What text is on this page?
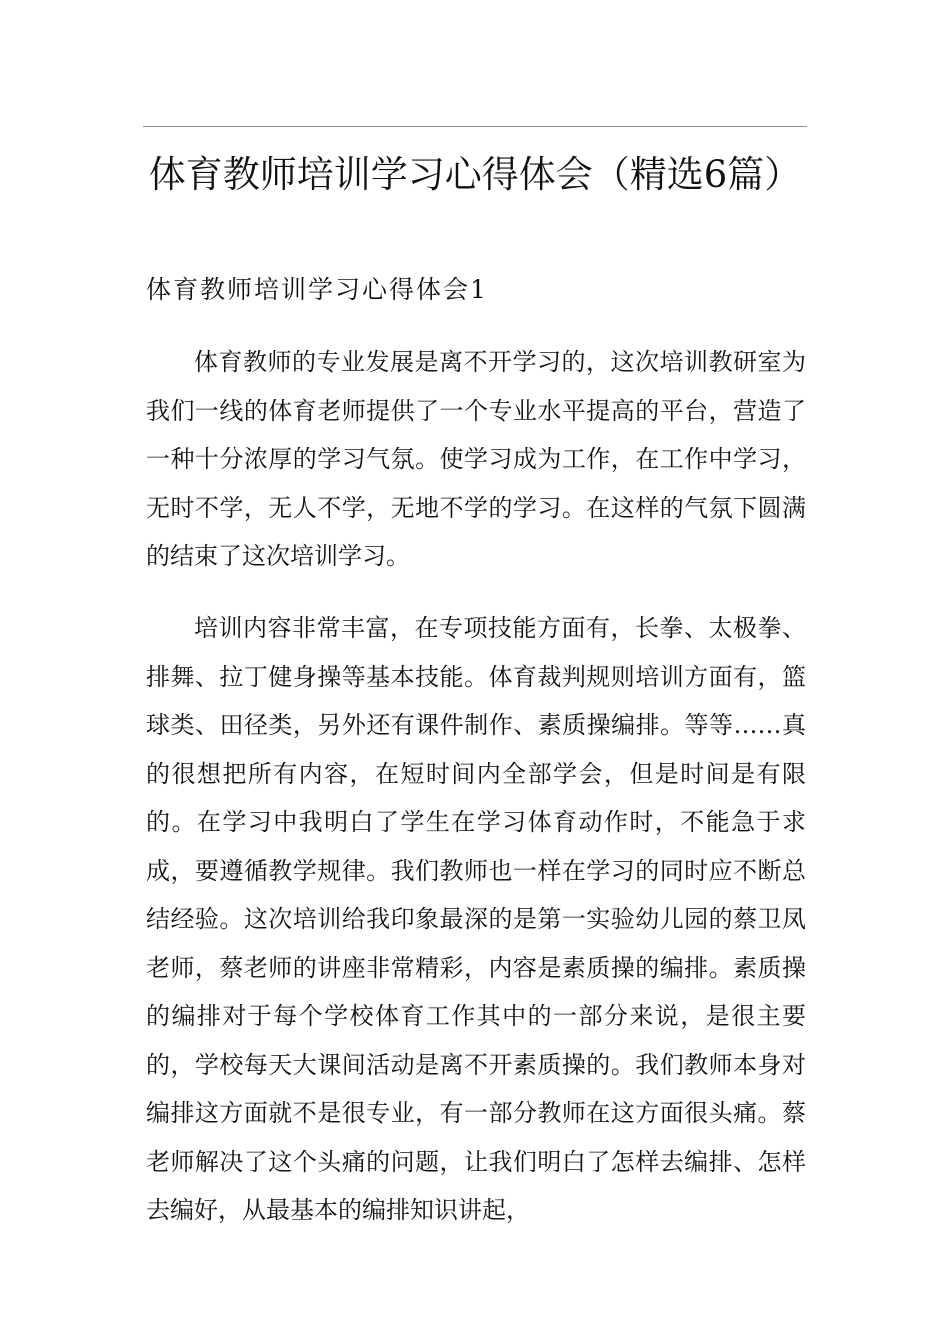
体育教师培训学习心得体会（精选6篇）
体育教师培训学习心得体会1

体育教师的专业发展是离不开学习的，这次培训教研室为我们一线的体育老师提供了一个专业水平提高的平台，营造了一种十分浓厚的学习气氛。使学习成为工作，在工作中学习，无时不学，无人不学，无地不学的学习。在这样的气氛下圆满的结束了这次培训学习。

培训内容非常丰富，在专项技能方面有，长拳、太极拳、排舞、拉丁健身操等基本技能。体育裁判规则培训方面有，篮球类、田径类，另外还有课件制作、素质操编排。等等……真的很想把所有内容，在短时间内全部学会，但是时间是有限的。在学习中我明白了学生在学习体育动作时，不能急于求成，要遵循教学规律。我们教师也一样在学习的同时应不断总结经验。这次培训给我印象最深的是第一实验幼儿园的蔡卫凤老师，蔡老师的讲座非常精彩，内容是素质操的编排。素质操的编排对于每个学校体育工作其中的一部分来说，是很主要的，学校每天大课间活动是离不开素质操的。我们教师本身对编排这方面就不是很专业，有一部分教师在这方面很头痛。蔡老师解决了这个头痛的问题，让我们明白了怎样去编排、怎样去编好，从最基本的编排知识讲起，
